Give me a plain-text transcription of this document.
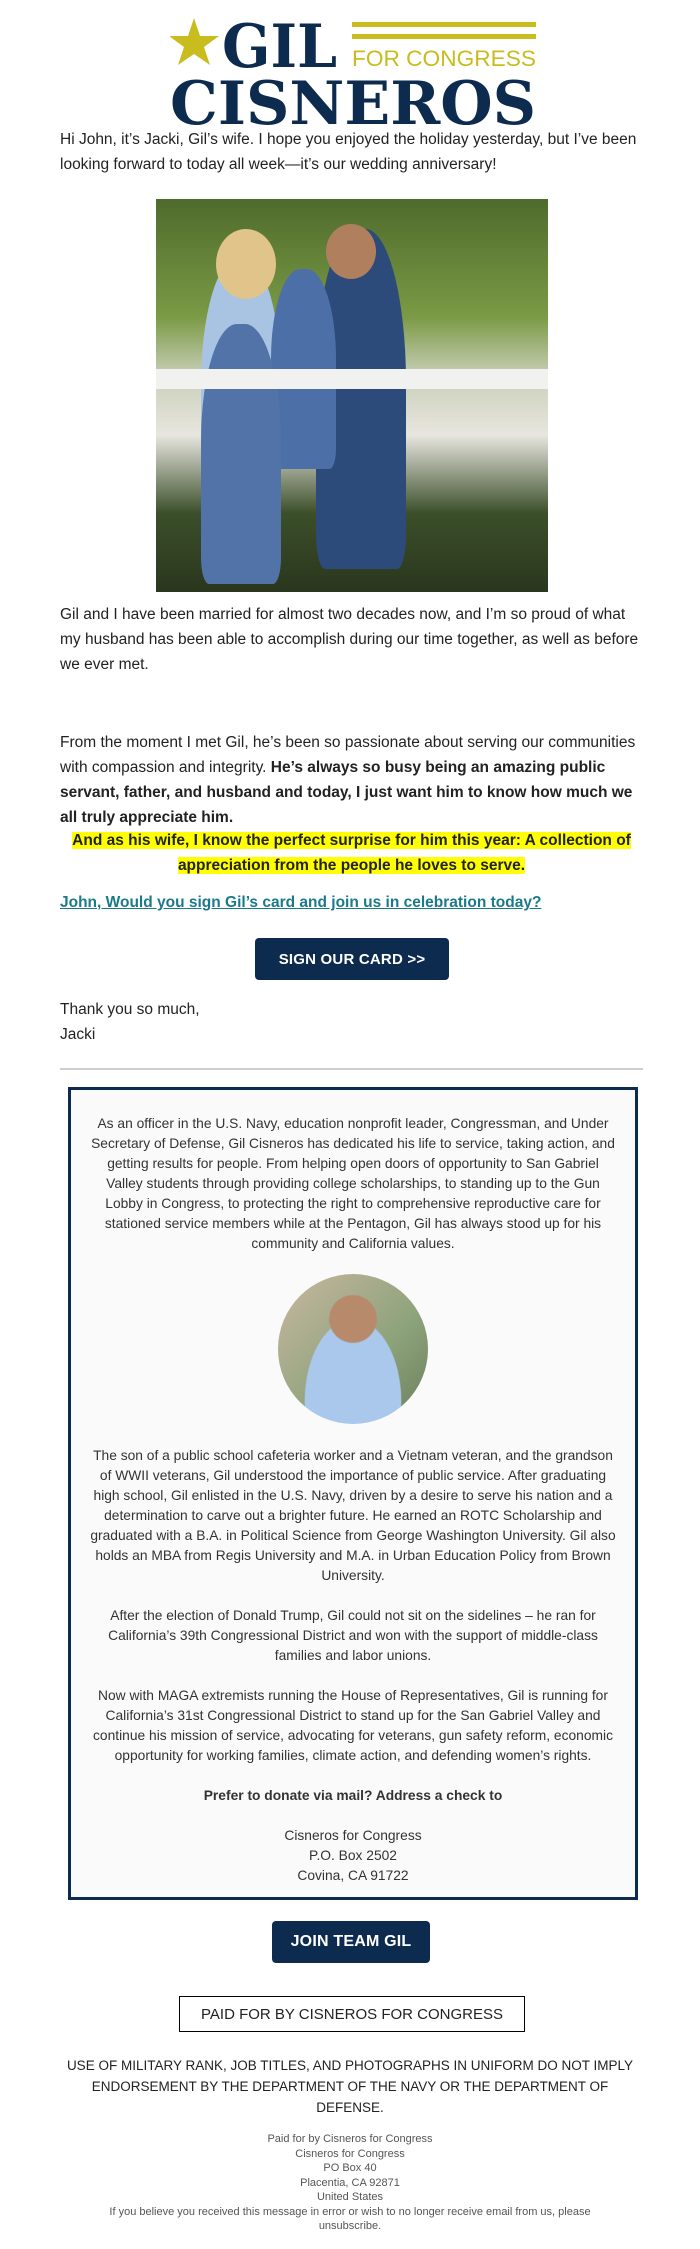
GIL FOR CONGRESS
CISNEROS

Hi John, it’s Jacki, Gil’s wife. I hope you enjoyed the holiday yesterday, but I’ve been looking forward to today all week—it’s our wedding anniversary!

Gil and I have been married for almost two decades now, and I’m so proud of what my husband has been able to accomplish during our time together, as well as before we ever met.

From the moment I met Gil, he’s been so passionate about serving our communities with compassion and integrity. He’s always so busy being an amazing public servant, father, and husband and today, I just want him to know how much we all truly appreciate him.

And as his wife, I know the perfect surprise for him this year: A collection of appreciation from the people he loves to serve.

John, Would you sign Gil’s card and join us in celebration today?
SIGN OUR CARD >>

Thank you so much,

Jacki

As an officer in the U.S. Navy, education nonprofit leader, Congressman, and Under Secretary of Defense, Gil Cisneros has dedicated his life to service, taking action, and getting results for people. From helping open doors of opportunity to San Gabriel Valley students through providing college scholarships, to standing up to the Gun Lobby in Congress, to protecting the right to comprehensive reproductive care for stationed service members while at the Pentagon, Gil has always stood up for his community and California values.

The son of a public school cafeteria worker and a Vietnam veteran, and the grandson of WWII veterans, Gil understood the importance of public service. After graduating high school, Gil enlisted in the U.S. Navy, driven by a desire to serve his nation and a determination to carve out a brighter future. He earned an ROTC Scholarship and graduated with a B.A. in Political Science from George Washington University. Gil also holds an MBA from Regis University and M.A. in Urban Education Policy from Brown University.

After the election of Donald Trump, Gil could not sit on the sidelines – he ran for California’s 39th Congressional District and won with the support of middle-class families and labor unions.

Now with MAGA extremists running the House of Representatives, Gil is running for California’s 31st Congressional District to stand up for the San Gabriel Valley and continue his mission of service, advocating for veterans, gun safety reform, economic opportunity for working families, climate action, and defending women’s rights.

Prefer to donate via mail? Address a check to

Cisneros for Congress

P.O. Box 2502

Covina, CA 91722

JOIN TEAM GIL
PAID FOR BY CISNEROS FOR CONGRESS
USE OF MILITARY RANK, JOB TITLES, AND PHOTOGRAPHS IN UNIFORM DO NOT IMPLY ENDORSEMENT BY THE DEPARTMENT OF THE NAVY OR THE DEPARTMENT OF DEFENSE.
Paid for by Cisneros for Congress
Cisneros for Congress
PO Box 40
Placentia, CA 92871
United States
If you believe you received this message in error or wish to no longer receive email from us, please unsubscribe.
